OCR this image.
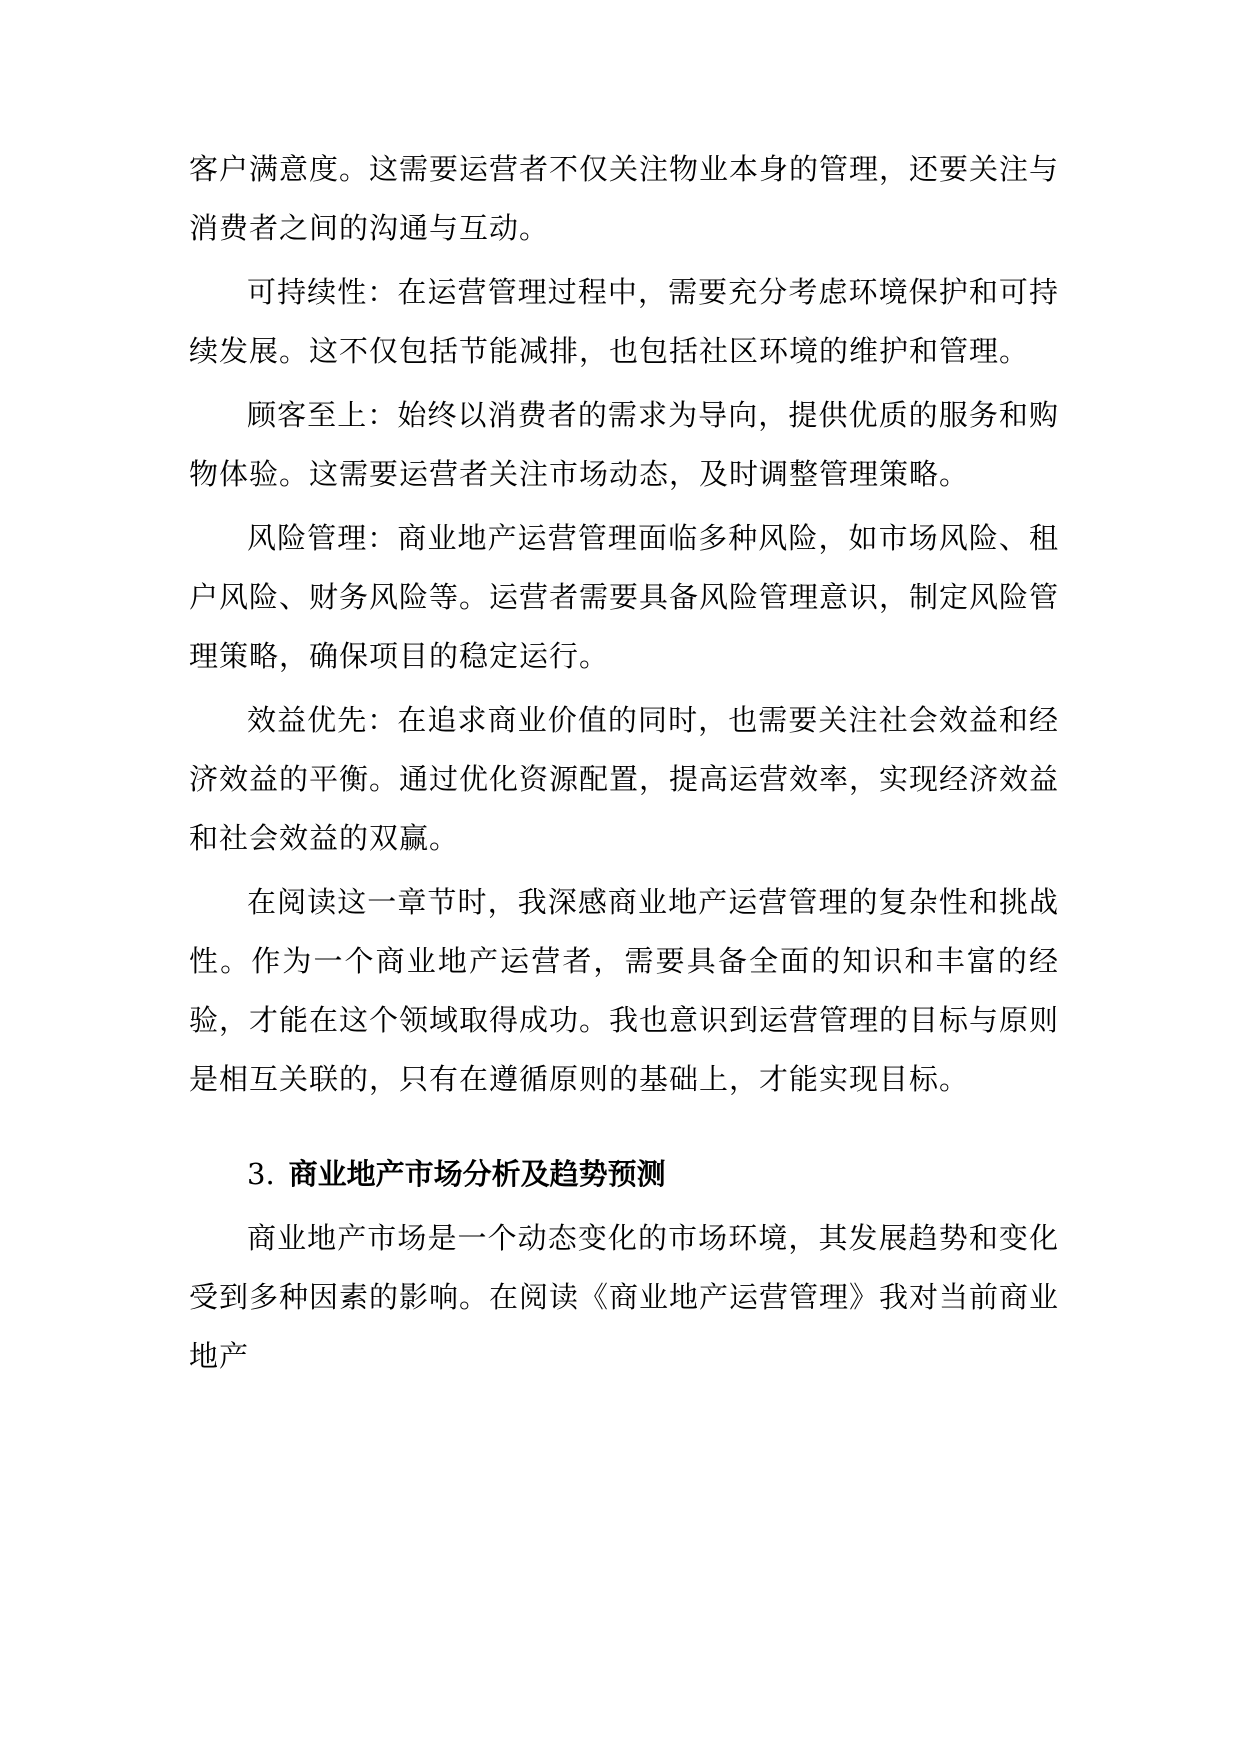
客户满意度。这需要运营者不仅关注物业本身的管理，还要关注与消费者之间的沟通与互动。

可持续性：在运营管理过程中，需要充分考虑环境保护和可持续发展。这不仅包括节能减排，也包括社区环境的维护和管理。

顾客至上：始终以消费者的需求为导向，提供优质的服务和购物体验。这需要运营者关注市场动态，及时调整管理策略。

风险管理：商业地产运营管理面临多种风险，如市场风险、租户风险、财务风险等。运营者需要具备风险管理意识，制定风险管理策略，确保项目的稳定运行。

效益优先：在追求商业价值的同时，也需要关注社会效益和经济效益的平衡。通过优化资源配置，提高运营效率，实现经济效益和社会效益的双赢。

在阅读这一章节时，我深感商业地产运营管理的复杂性和挑战性。作为一个商业地产运营者，需要具备全面的知识和丰富的经验，才能在这个领域取得成功。我也意识到运营管理的目标与原则是相互关联的，只有在遵循原则的基础上，才能实现目标。

3. 商业地产市场分析及趋势预测

商业地产市场是一个动态变化的市场环境，其发展趋势和变化受到多种因素的影响。在阅读《商业地产运营管理》我对当前商业地产
